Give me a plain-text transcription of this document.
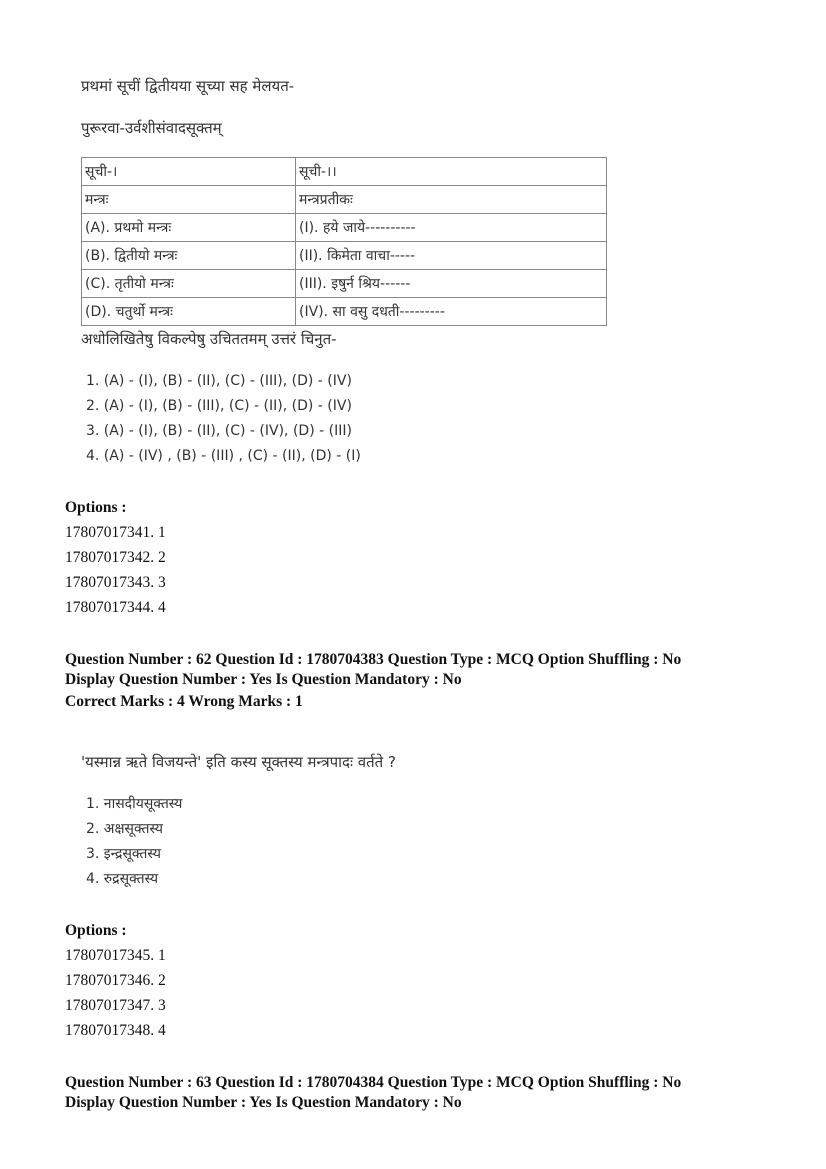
प्रथमां सूचीं द्वितीयया सूच्या सह मेलयत-
पुरूरवा-उर्वशीसंवादसूक्तम्
सूची-।	सूची-।।
मन्त्रः	मन्त्रप्रतीकः
(A). प्रथमो मन्त्रः	(I). हये जाये----------
(B). द्वितीयो मन्त्रः	(II). किमेता वाचा-----
(C). तृतीयो मन्त्रः	(III). इषुर्न श्रिय------
(D). चतुर्थो मन्त्रः	(IV). सा वसु दधती---------
अधोलिखितेषु विकल्पेषु उचिततमम् उत्तरं चिनुत-
1. (A) - (I), (B) - (II), (C) - (III), (D) - (IV)
2. (A) - (I), (B) - (III), (C) - (II), (D) - (IV)
3. (A) - (I), (B) - (II), (C) - (IV), (D) - (III)
4. (A) - (IV) , (B) - (III) , (C) - (II), (D) - (I)
Options :
17807017341. 1
17807017342. 2
17807017343. 3
17807017344. 4
Question Number : 62 Question Id : 1780704383 Question Type : MCQ Option Shuffling : No
Display Question Number : Yes Is Question Mandatory : No
Correct Marks : 4 Wrong Marks : 1
'यस्मान्न ऋते विजयन्ते' इति कस्य सूक्तस्य मन्त्रपादः वर्तते ?
1. नासदीयसूक्तस्य
2. अक्षसूक्तस्य
3. इन्द्रसूक्तस्य
4. रुद्रसूक्तस्य
Options :
17807017345. 1
17807017346. 2
17807017347. 3
17807017348. 4
Question Number : 63 Question Id : 1780704384 Question Type : MCQ Option Shuffling : No
Display Question Number : Yes Is Question Mandatory : No
